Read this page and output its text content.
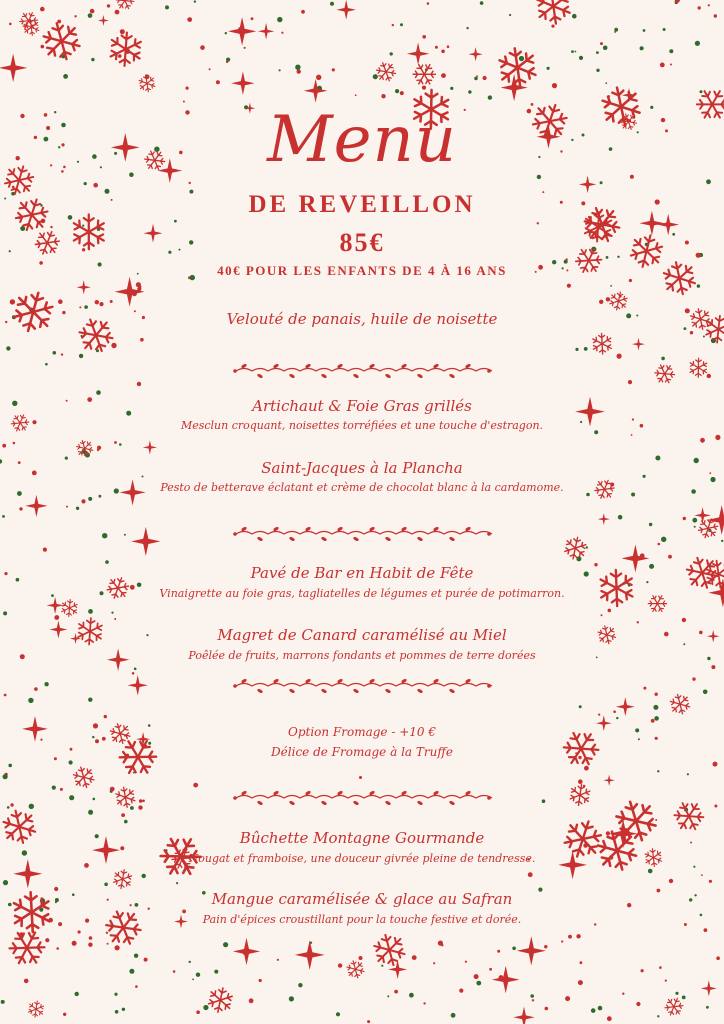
Menu
DE REVEILLON
85€
40€ POUR LES ENFANTS DE 4 À 16 ANS
Velouté de panais, huile de noisette
Artichaut & Foie Gras grillés
Mesclun croquant, noisettes torréfiées et une touche d'estragon.
Saint-Jacques à la Plancha
Pesto de betterave éclatant et crème de chocolat blanc à la cardamome.
Pavé de Bar en Habit de Fête
Vinaigrette au foie gras, tagliatelles de légumes et purée de potimarron.
Magret de Canard caramélisé au Miel
Poêlée de fruits, marrons fondants et pommes de terre dorées
Option Fromage - +10 €
Délice de Fromage à la Truffe
Bûchette Montagne Gourmande
Nougat et framboise, une douceur givrée pleine de tendresse.
Mangue caramélisée & glace au Safran
Pain d'épices croustillant pour la touche festive et dorée.
